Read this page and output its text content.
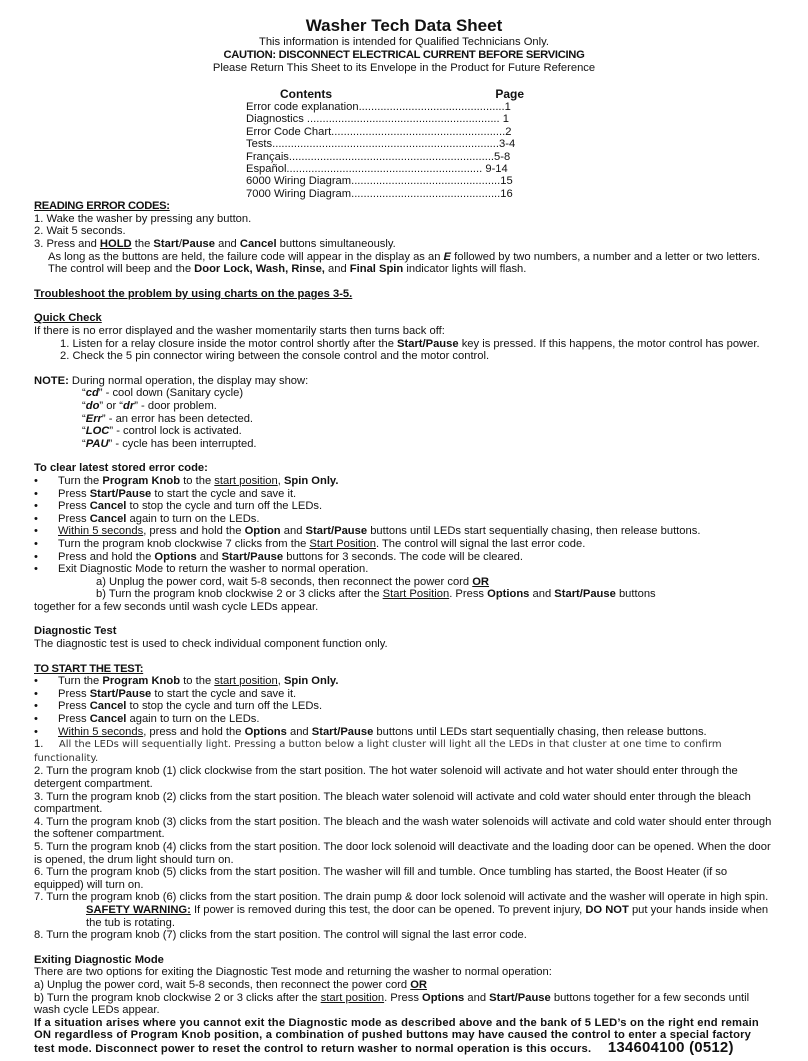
Washer Tech Data Sheet
This information is intended for Qualified Technicians Only.
CAUTION: DISCONNECT ELECTRICAL CURRENT BEFORE SERVICING
Please Return This Sheet to its Envelope in the Product for Future Reference
Contents	Page
Error code explanation...............................................1
Diagnostics .............................................................. 1
Error Code Chart........................................................2
Tests.........................................................................3-4
Français..................................................................5-8
Español............................................................... 9-14
6000 Wiring Diagram................................................15
7000 Wiring Diagram................................................16
READING ERROR CODES:
1. Wake the washer by pressing any button.
2. Wait 5 seconds.
3. Press and HOLD the Start/Pause and Cancel buttons simultaneously.
As long as the buttons are held, the failure code will appear in the display as an E followed by two numbers, a number and a letter or two letters. The control will beep and the Door Lock, Wash, Rinse, and Final Spin indicator lights will flash.
Troubleshoot the problem by using charts on the pages 3-5.
Quick Check
If there is no error displayed and the washer momentarily starts then turns back off:
1. Listen for a relay closure inside the motor control shortly after the Start/Pause key is pressed. If this happens, the motor control has power.
2. Check the 5 pin connector wiring between the console control and the motor control.
NOTE: During normal operation, the display may show:
“cd” - cool down (Sanitary cycle)
“do” or “dr” - door problem.
“Err” - an error has been detected.
“LOC” - control lock is activated.
“PAU” - cycle has been interrupted.
To clear latest stored error code:
• Turn the Program Knob to the start position, Spin Only.
• Press Start/Pause to start the cycle and save it.
• Press Cancel to stop the cycle and turn off the LEDs.
• Press Cancel again to turn on the LEDs.
• Within 5 seconds, press and hold the Option and Start/Pause buttons until LEDs start sequentially chasing, then release buttons.
• Turn the program knob clockwise 7 clicks from the Start Position. The control will signal the last error code.
• Press and hold the Options and Start/Pause buttons for 3 seconds. The code will be cleared.
• Exit Diagnostic Mode to return the washer to normal operation.
a) Unplug the power cord, wait 5-8 seconds, then reconnect the power cord OR
b) Turn the program knob clockwise 2 or 3 clicks after the Start Position. Press Options and Start/Pause buttons
together for a few seconds until wash cycle LEDs appear.
Diagnostic Test
The diagnostic test is used to check individual component function only.
TO START THE TEST:
• Turn the Program Knob to the start position, Spin Only.
• Press Start/Pause to start the cycle and save it.
• Press Cancel to stop the cycle and turn off the LEDs.
• Press Cancel again to turn on the LEDs.
• Within 5 seconds, press and hold the Options and Start/Pause buttons until LEDs start sequentially chasing, then release buttons.
1. All the LEDs will sequentially light. Pressing a button below a light cluster will light all the LEDs in that cluster at one time to confirm functionality.
2. Turn the program knob (1) click clockwise from the start position. The hot water solenoid will activate and hot water should enter through the detergent compartment.
3. Turn the program knob (2) clicks from the start position. The bleach water solenoid will activate and cold water should enter through the bleach compartment.
4. Turn the program knob (3) clicks from the start position. The bleach and the wash water solenoids will activate and cold water should enter through the softener compartment.
5. Turn the program knob (4) clicks from the start position. The door lock solenoid will deactivate and the loading door can be opened. When the door is opened, the drum light should turn on.
6. Turn the program knob (5) clicks from the start position. The washer will fill and tumble. Once tumbling has started, the Boost Heater (if so equipped) will turn on.
7. Turn the program knob (6) clicks from the start position. The drain pump & door lock solenoid will activate and the washer will operate in high spin.
SAFETY WARNING: If power is removed during this test, the door can be opened. To prevent injury, DO NOT put your hands inside when the tub is rotating.
8. Turn the program knob (7) clicks from the start position. The control will signal the last error code.
Exiting Diagnostic Mode
There are two options for exiting the Diagnostic Test mode and returning the washer to normal operation:
a) Unplug the power cord, wait 5-8 seconds, then reconnect the power cord OR
b) Turn the program knob clockwise 2 or 3 clicks after the start position. Press Options and Start/Pause buttons together for a few seconds until wash cycle LEDs appear.
If a situation arises where you cannot exit the Diagnostic mode as described above and the bank of 5 LED’s on the right end remain ON regardless of Program Knob position, a combination of pushed buttons may have caused the control to enter a special factory test mode. Disconnect power to reset the control to return washer to normal operation is this occurs. 134604100 (0512)
